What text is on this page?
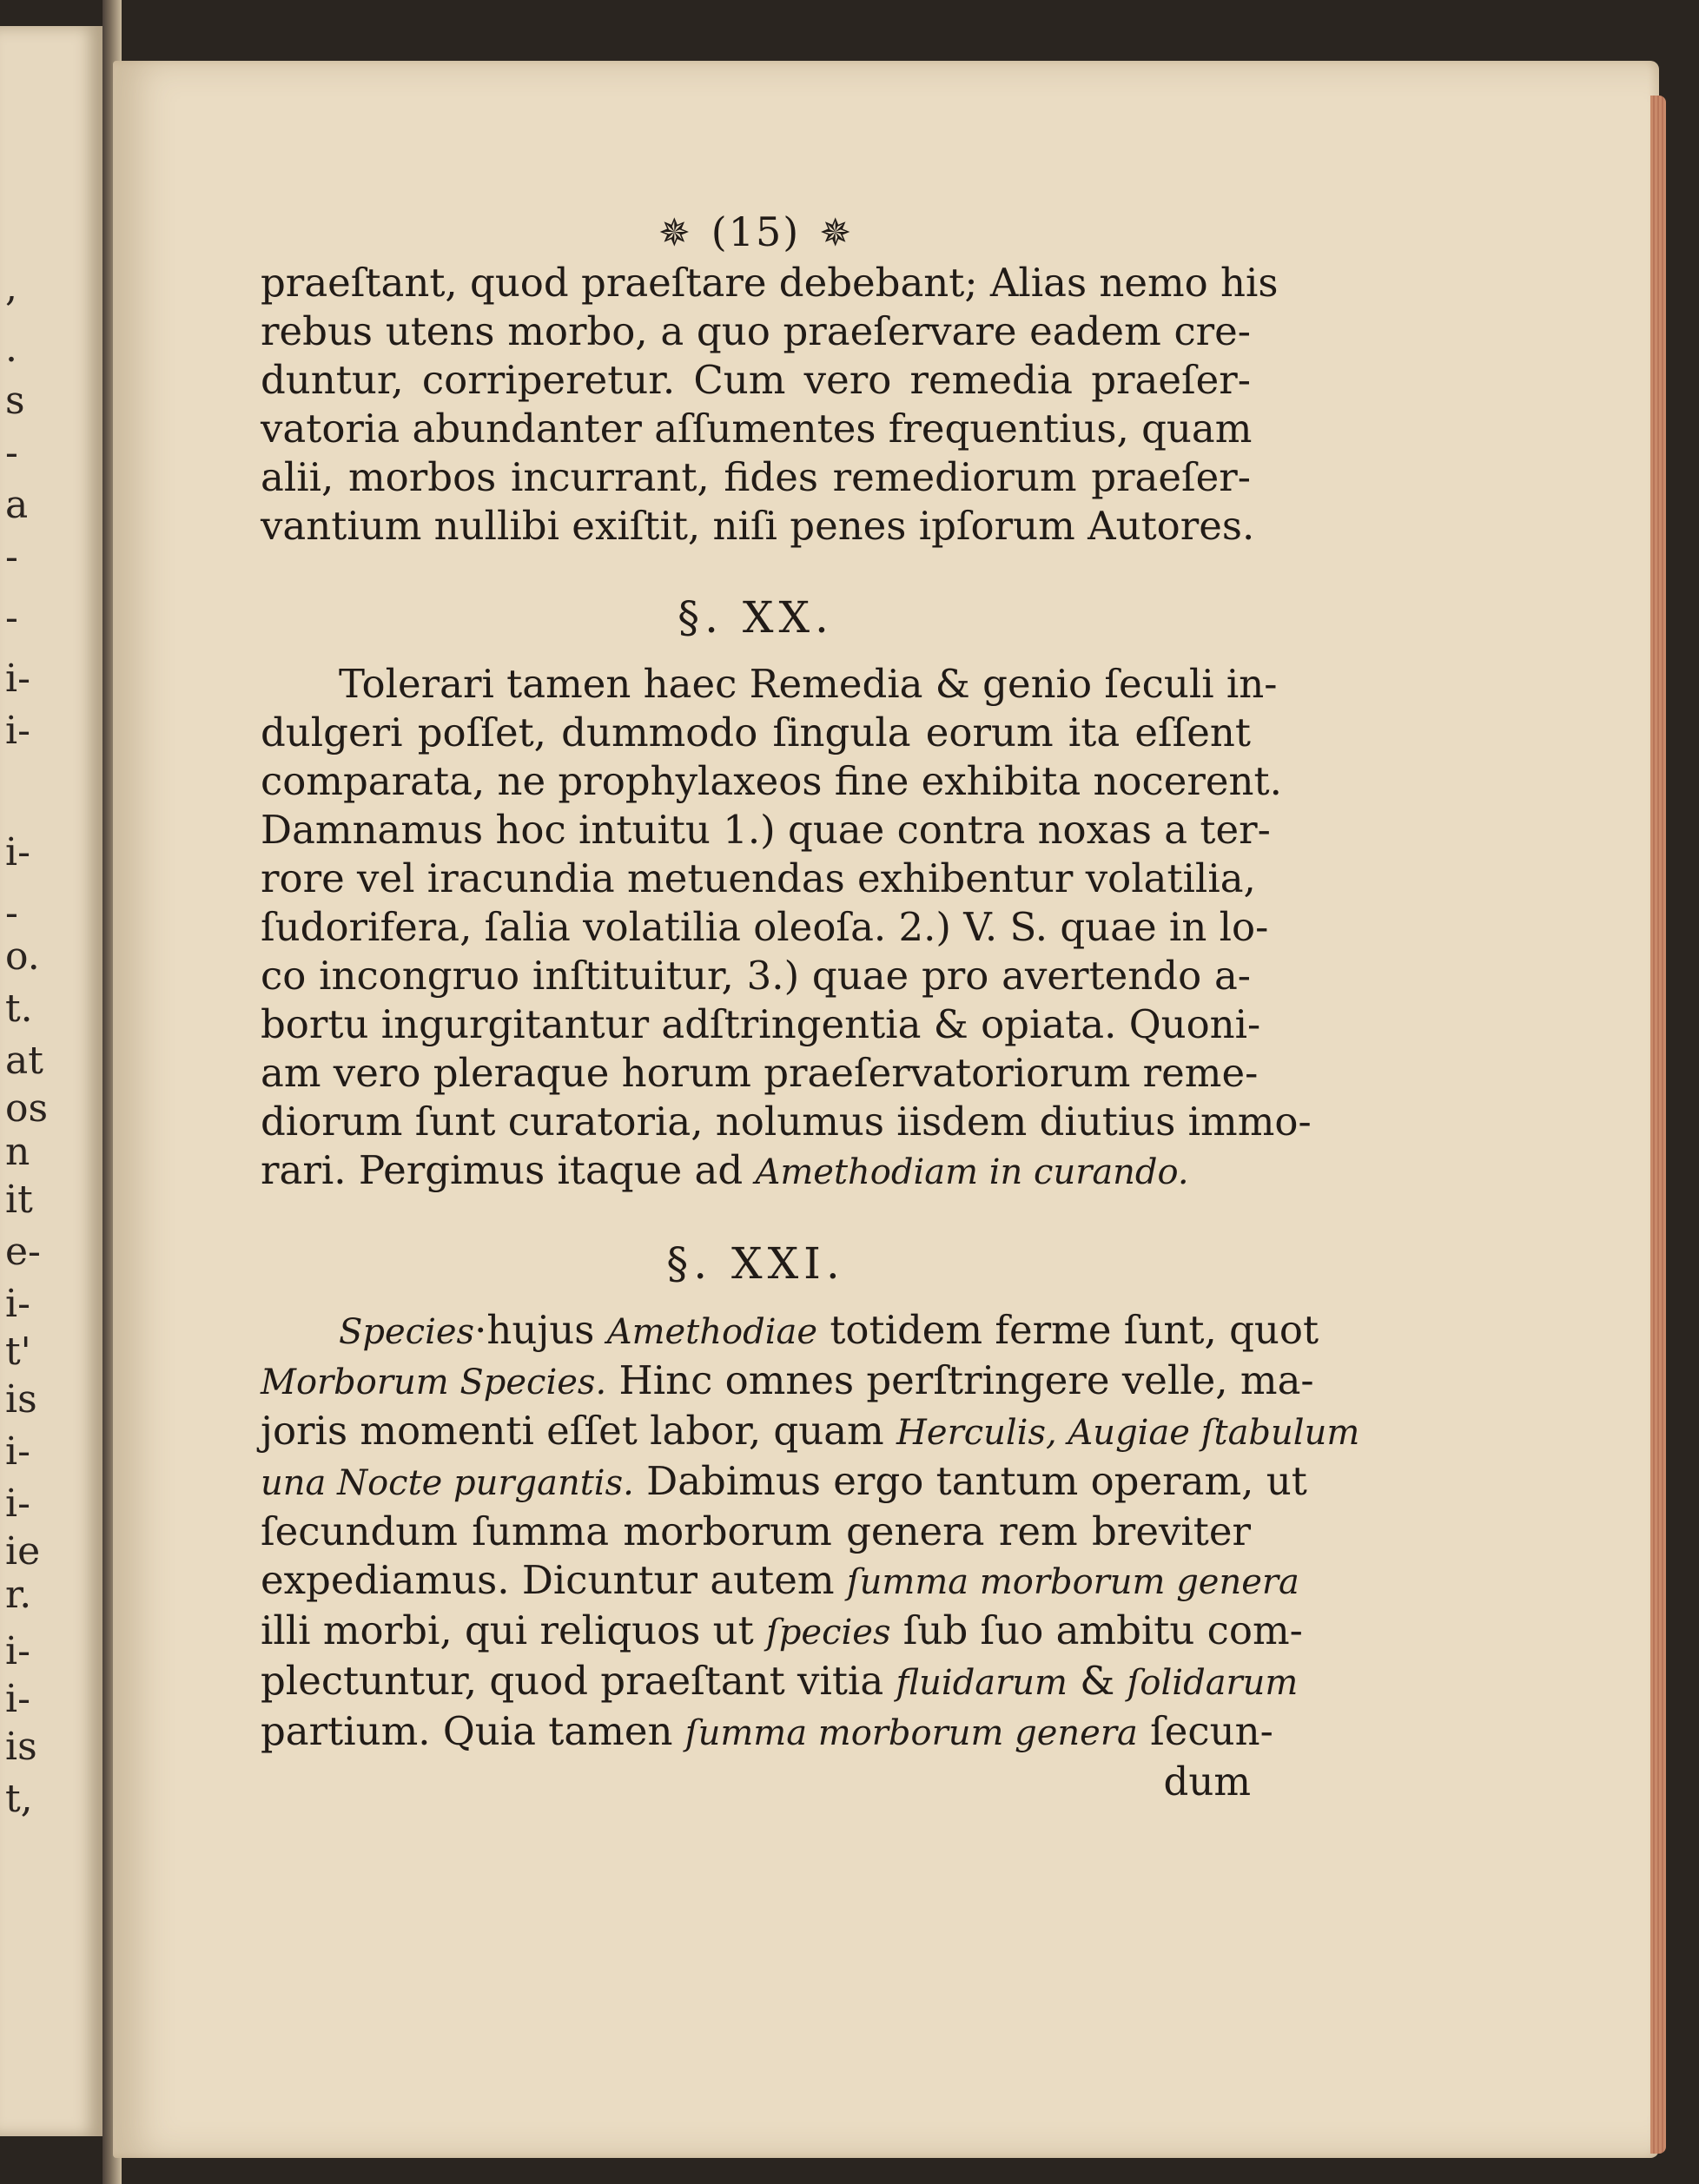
,
.
s
-
a
-
-
i-
i-
i-
-
o.
t.
at
os
n
it
e-
i-
t'
is
i-
i-
ie
r.
i-
i-
is
t,
✵ (15) ✵
praeſtant, quod praeſtare debebant; Alias nemo his
rebus utens morbo, a quo praeſervare eadem cre-
duntur, corriperetur. Cum vero remedia praeſer-
vatoria abundanter aſſumentes frequentius, quam
alii, morbos incurrant, fides remediorum praeſer-
vantium nullibi exiſtit, niſi penes ipſorum Autores.
§. XX.
Tolerari tamen haec Remedia & genio ſeculi in-
dulgeri poſſet, dummodo ſingula eorum ita eſſent
comparata, ne prophylaxeos fine exhibita nocerent.
Damnamus hoc intuitu 1.) quae contra noxas a ter-
rore vel iracundia metuendas exhibentur volatilia,
ſudorifera, ſalia volatilia oleoſa. 2.) V. S. quae in lo-
co incongruo inſtituitur, 3.) quae pro avertendo a-
bortu ingurgitantur adſtringentia & opiata. Quoni-
am vero pleraque horum praeſervatoriorum reme-
diorum ſunt curatoria, nolumus iisdem diutius immo-
rari. Pergimus itaque ad Amethodiam in curando.
§. XXI.
Species·hujus Amethodiae totidem ferme ſunt, quot
Morborum Species. Hinc omnes perſtringere velle, ma-
joris momenti eſſet labor, quam Herculis, Augiae ſtabulum
una Nocte purgantis. Dabimus ergo tantum operam, ut
ſecundum ſumma morborum genera rem breviter
expediamus. Dicuntur autem ſumma morborum genera
illi morbi, qui reliquos ut ſpecies ſub ſuo ambitu com-
plectuntur, quod praeſtant vitia fluidarum & ſolidarum
partium. Quia tamen ſumma morborum genera ſecun-
dum
